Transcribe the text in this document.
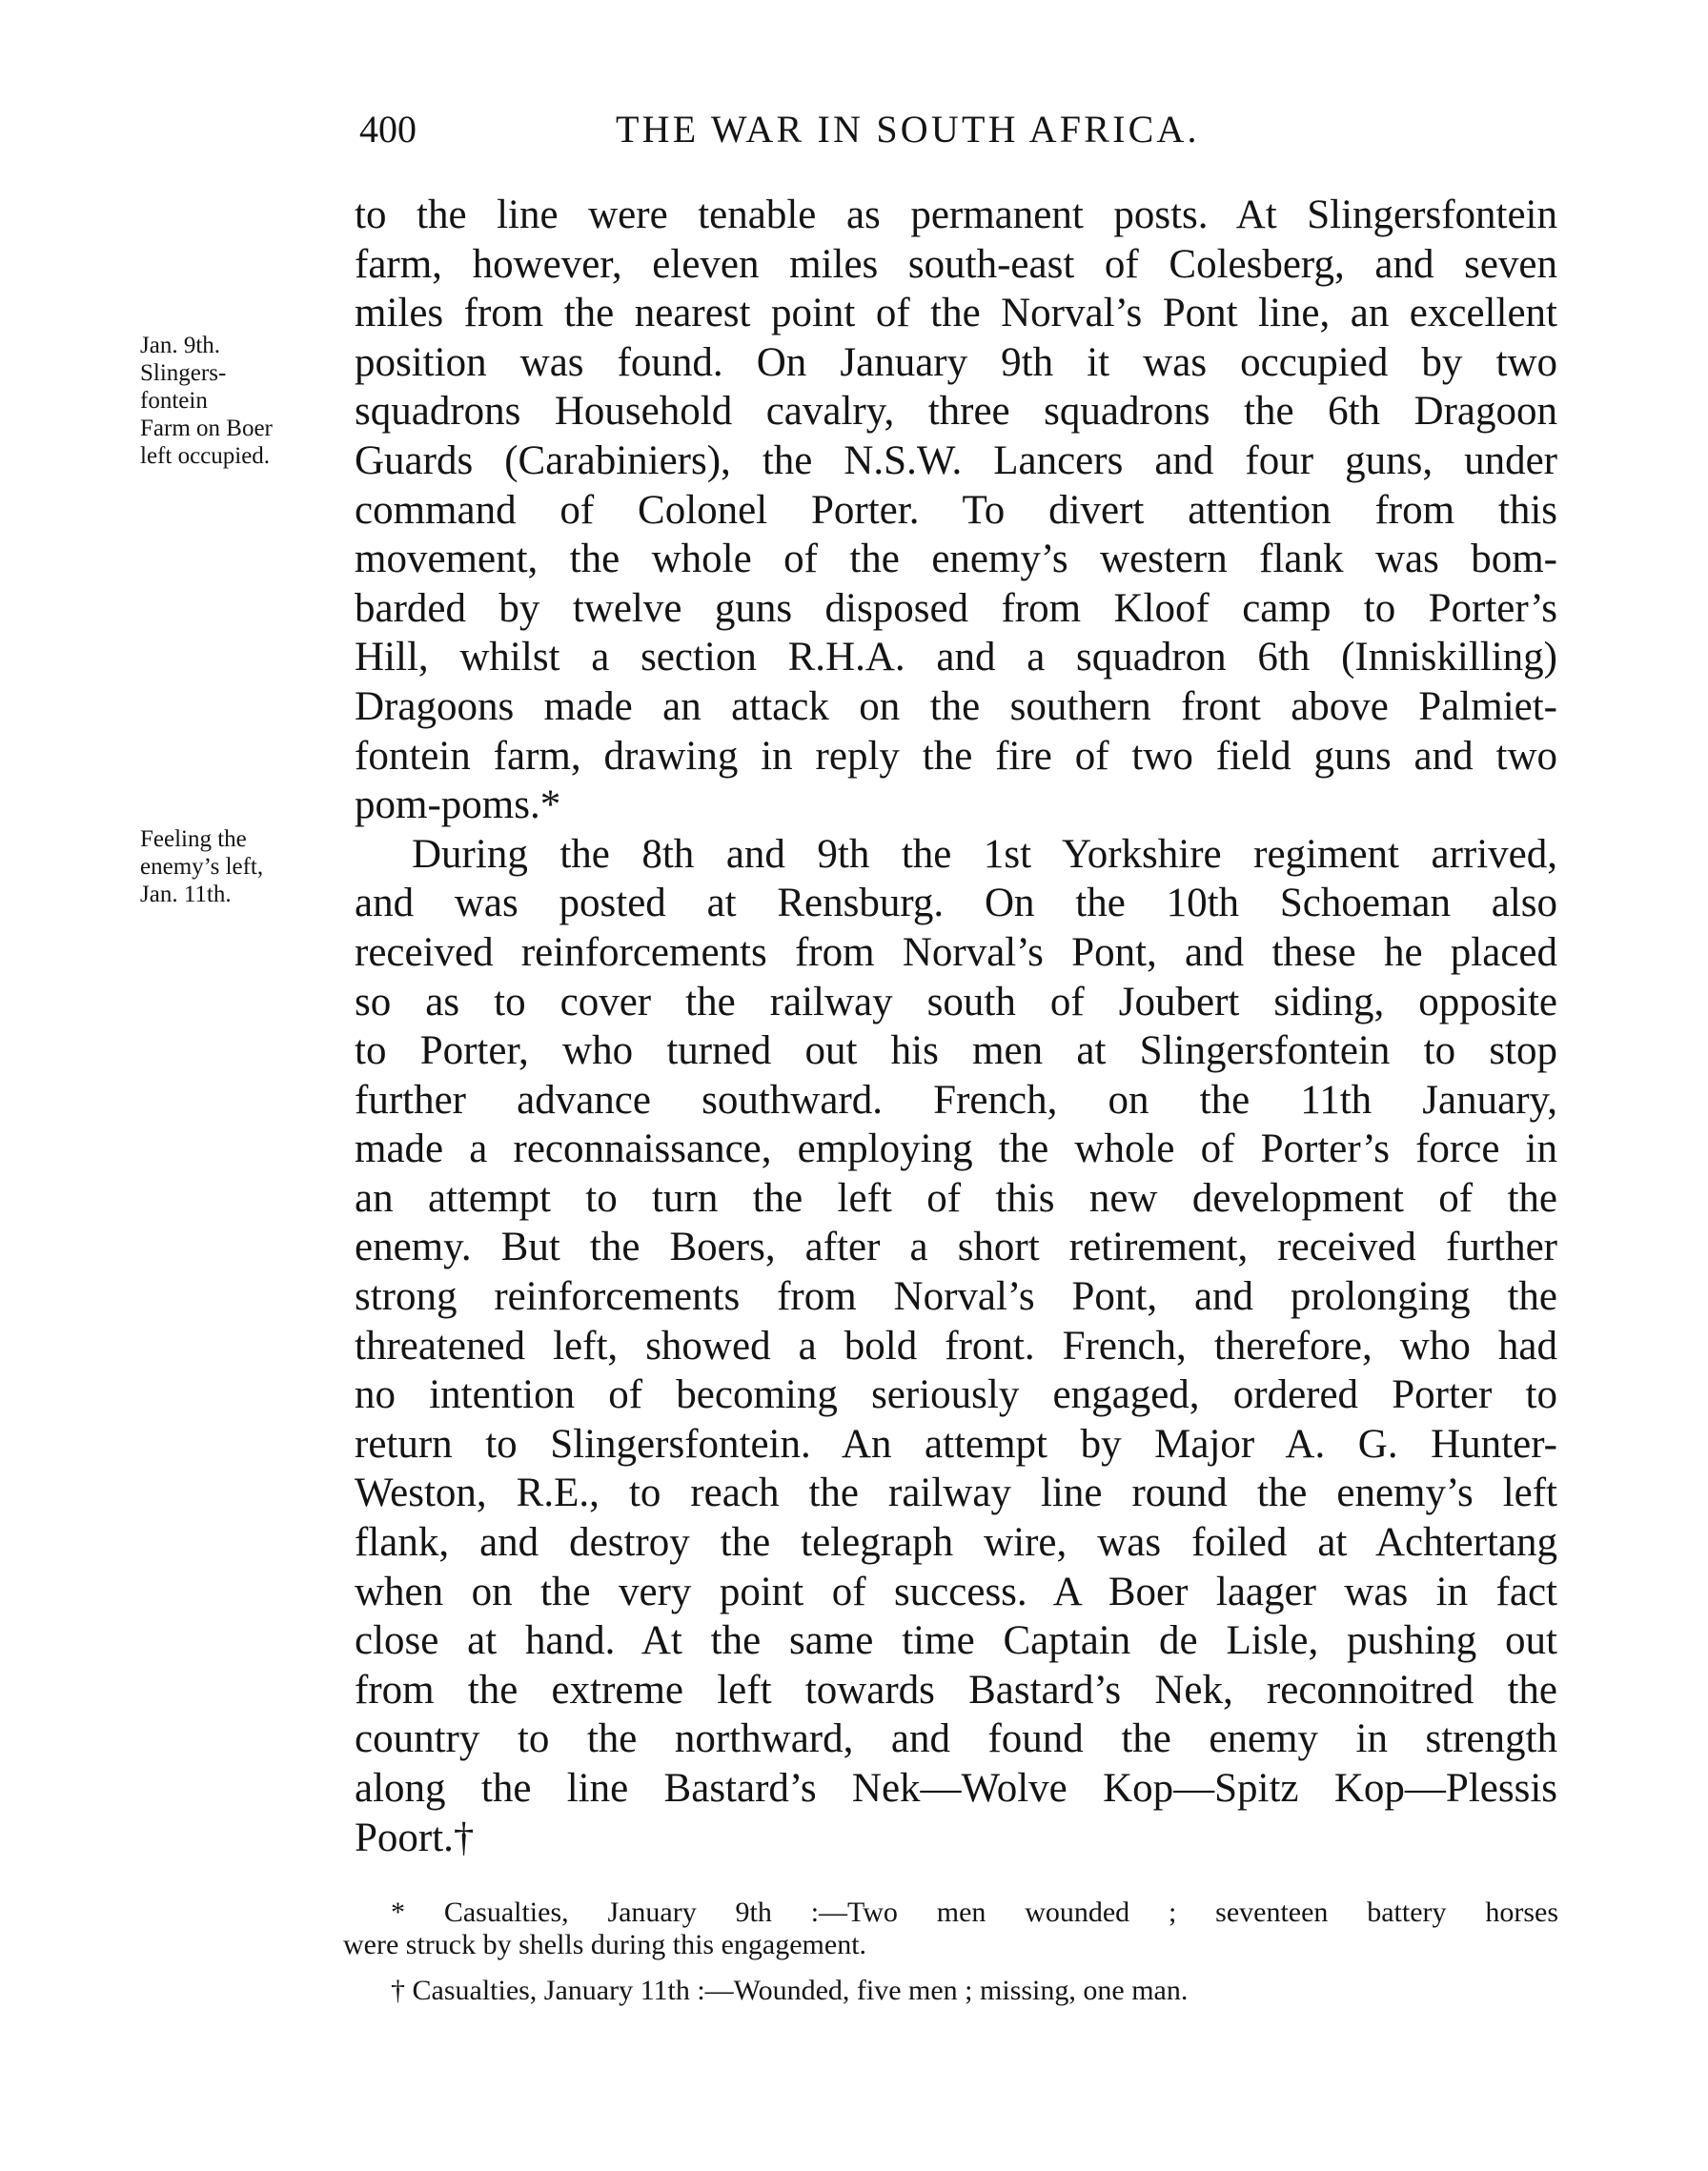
400	THE WAR IN SOUTH AFRICA.
Jan. 9th.
Slingers-
fontein
Farm on Boer
left occupied.
Feeling the
enemy’s left,
Jan. 11th.
to the line were tenable as permanent posts. At Slingersfontein
farm, however, eleven miles south-east of Colesberg, and seven
miles from the nearest point of the Norval’s Pont line, an excellent
position was found. On January 9th it was occupied by two
squadrons Household cavalry, three squadrons the 6th Dragoon
Guards (Carabiniers), the N.S.W. Lancers and four guns, under
command of Colonel Porter. To divert attention from this
movement, the whole of the enemy’s western flank was bom-
barded by twelve guns disposed from Kloof camp to Porter’s
Hill, whilst a section R.H.A. and a squadron 6th (Inniskilling)
Dragoons made an attack on the southern front above Palmiet-
fontein farm, drawing in reply the fire of two field guns and two
pom-poms.*
During the 8th and 9th the 1st Yorkshire regiment arrived,
and was posted at Rensburg. On the 10th Schoeman also
received reinforcements from Norval’s Pont, and these he placed
so as to cover the railway south of Joubert siding, opposite
to Porter, who turned out his men at Slingersfontein to stop
further advance southward. French, on the 11th January,
made a reconnaissance, employing the whole of Porter’s force in
an attempt to turn the left of this new development of the
enemy. But the Boers, after a short retirement, received further
strong reinforcements from Norval’s Pont, and prolonging the
threatened left, showed a bold front. French, therefore, who had
no intention of becoming seriously engaged, ordered Porter to
return to Slingersfontein. An attempt by Major A. G. Hunter-
Weston, R.E., to reach the railway line round the enemy’s left
flank, and destroy the telegraph wire, was foiled at Achtertang
when on the very point of success. A Boer laager was in fact
close at hand. At the same time Captain de Lisle, pushing out
from the extreme left towards Bastard’s Nek, reconnoitred the
country to the northward, and found the enemy in strength
along the line Bastard’s Nek—Wolve Kop—Spitz Kop—Plessis
Poort.†
* Casualties, January 9th :—Two men wounded ; seventeen battery horses
were struck by shells during this engagement.
† Casualties, January 11th :—Wounded, five men ; missing, one man.
